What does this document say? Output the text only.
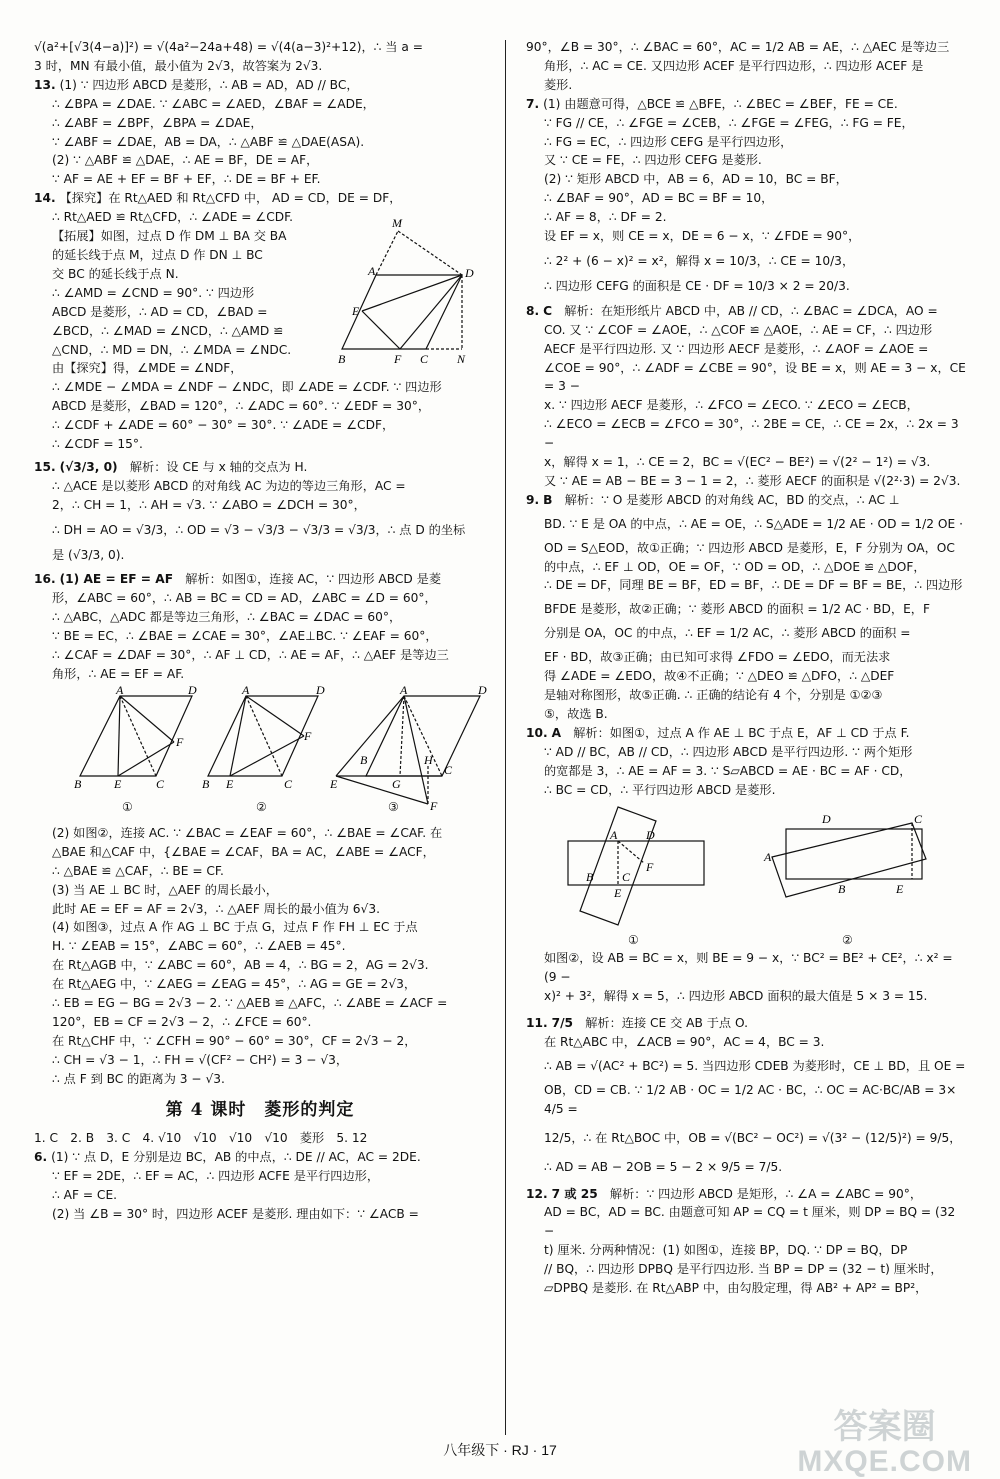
√(a²+[√3(4−a)]²) = √(4a²−24a+48) = √(4(a−3)²+12)，∴ 当 a =

3 时，MN 有最小值，最小值为 2√3，故答案为 2√3.

13. (1) ∵ 四边形 ABCD 是菱形，∴ AB = AD，AD // BC，

∴ ∠BPA = ∠DAE. ∵ ∠ABC = ∠AED，∠BAF = ∠ADE，

∴ ∠ABF = ∠BPF，∠BPA = ∠DAE，

∵ ∠ABF = ∠DAE，AB = DA，∴ △ABF ≌ △DAE(ASA).

(2) ∵ △ABF ≌ △DAE，∴ AE = BF，DE = AF，

∵ AF = AE + EF = BF + EF，∴ DE = BF + EF.

14. 【探究】在 Rt△AED 和 Rt△CFD 中， AD = CD，DE = DF，

∴ Rt△AED ≌ Rt△CFD，∴ ∠ADE = ∠CDF.

【拓展】如图，过点 D 作 DM ⊥ BA 交 BA

的延长线于点 M，过点 D 作 DN ⊥ BC

交 BC 的延长线于点 N.

∴ ∠AMD = ∠CND = 90°. ∵ 四边形

ABCD 是菱形，∴ AD = CD，∠BAD =

∠BCD，∴ ∠MAD = ∠NCD，∴ △AMD ≌

△CND，∴ MD = DN，∴ ∠MDA = ∠NDC.

由【探究】得，∠MDE = ∠NDF，

M
A	D
E
B	F C N

∴ ∠MDE − ∠MDA = ∠NDF − ∠NDC，即 ∠ADE = ∠CDF. ∵ 四边形

ABCD 是菱形，∠BAD = 120°，∴ ∠ADC = 60°. ∵ ∠EDF = 30°，

∴ ∠CDF + ∠ADE = 60° − 30° = 30°. ∵ ∠ADE = ∠CDF，

∴ ∠CDF = 15°.

15. (√3/3, 0)　 解析：设 CE 与 x 轴的交点为 H.

∴ △ACE 是以菱形 ABCD 的对角线 AC 为边的等边三角形，AC =

2，∴ CH = 1，∴ AH = √3. ∵ ∠ABO = ∠DCH = 30°，

∴ DH = AO = √3/3，∴ OD = √3 − √3/3 − √3/3 = √3/3，∴ 点 D 的坐标

是 (√3/3, 0).

16. (1) AE = EF = AF　 解析：如图①，连接 AC，∵ 四边形 ABCD 是菱

形，∠ABC = 60°，∴ AB = BC = CD = AD，∠ABC = ∠D = 60°，

∴ △ABC，△ADC 都是等边三角形，∴ ∠BAC = ∠DAC = 60°，

∵ BE = EC，∴ ∠BAE = ∠CAE = 30°，∠AE⊥BC. ∵ ∠EAF = 60°，

∴ ∠CAF = ∠DAF = 30°，∴ AF ⊥ CD，∴ AE = AF，∴ △AEF 是等边三

角形，∴ AE = EF = AF.

A	D
F
B	E	C
A	D
F
B E	C
A	D
B	H
G
C
E
F
①	②	③

(2) 如图②，连接 AC. ∵ ∠BAC = ∠EAF = 60°，∴ ∠BAE = ∠CAF. 在

△BAE 和△CAF 中，{∠BAE = ∠CAF，BA = AC，∠ABE = ∠ACF，

∴ △BAE ≌ △CAF，∴ BE = CF.

(3) 当 AE ⊥ BC 时，△AEF 的周长最小，

此时 AE = EF = AF = 2√3，∴ △AEF 周长的最小值为 6√3.

(4) 如图③，过点 A 作 AG ⊥ BC 于点 G，过点 F 作 FH ⊥ EC 于点

H. ∵ ∠EAB = 15°，∠ABC = 60°，∴ ∠AEB = 45°.

在 Rt△AGB 中，∵ ∠ABC = 60°，AB = 4，∴ BG = 2，AG = 2√3.

在 Rt△AEG 中，∵ ∠AEG = ∠EAG = 45°，∴ AG = GE = 2√3，

∴ EB = EG − BG = 2√3 − 2. ∵ △AEB ≌ △AFC，∴ ∠ABE = ∠ACF =

120°，EB = CF = 2√3 − 2，∴ ∠FCE = 60°.

在 Rt△CHF 中，∵ ∠CFH = 90° − 60° = 30°，CF = 2√3 − 2，

∴ CH = √3 − 1，∴ FH = √(CF² − CH²) = 3 − √3，

∴ 点 F 到 BC 的距离为 3 − √3.

第 4 课时　菱形的判定

1. C　2. B　3. C　4. √10　√10　√10　√10　菱形　5. 12

6. (1) ∵ 点 D，E 分别是边 BC，AB 的中点，∴ DE // AC，AC = 2DE.

∵ EF = 2DE，∴ EF = AC，∴ 四边形 ACFE 是平行四边形，

∴ AF = CE.

(2) 当 ∠B = 30° 时，四边形 ACEF 是菱形. 理由如下：∵ ∠ACB =

90°，∠B = 30°，∴ ∠BAC = 60°，AC = 1/2 AB = AE，∴ △AEC 是等边三

角形，∴ AC = CE. 又四边形 ACEF 是平行四边形，∴ 四边形 ACEF 是

菱形.

7. (1) 由题意可得，△BCE ≌ △BFE，∴ ∠BEC = ∠BEF，FE = CE.

∵ FG // CE，∴ ∠FGE = ∠CEB，∴ ∠FGE = ∠FEG，∴ FG = FE，

∴ FG = EC，∴ 四边形 CEFG 是平行四边形，

又 ∵ CE = FE，∴ 四边形 CEFG 是菱形.

(2) ∵ 矩形 ABCD 中，AB = 6，AD = 10，BC = BF，

∴ ∠BAF = 90°，AD = BC = BF = 10，

∴ AF = 8，∴ DF = 2.

设 EF = x，则 CE = x，DE = 6 − x，∵ ∠FDE = 90°，

∴ 2² + (6 − x)² = x²，解得 x = 10/3，∴ CE = 10/3，

∴ 四边形 CEFG 的面积是 CE · DF = 10/3 × 2 = 20/3.

8. C　 解析：在矩形纸片 ABCD 中，AB // CD，∴ ∠BAC = ∠DCA，AO =

CO. 又 ∵ ∠COF = ∠AOE，∴ △COF ≌ △AOE，∴ AE = CF，∴ 四边形

AECF 是平行四边形. 又 ∵ 四边形 AECF 是菱形，∴ ∠AOF = ∠AOE =

∠COE = 90°，∴ ∠ADF = ∠CBE = 90°，设 BE = x，则 AE = 3 − x，CE = 3 −

x. ∵ 四边形 AECF 是菱形，∴ ∠FCO = ∠ECO. ∵ ∠ECO = ∠ECB，

∴ ∠ECO = ∠ECB = ∠FCO = 30°，∴ 2BE = CE，∴ CE = 2x，∴ 2x = 3 −

x，解得 x = 1，∴ CE = 2，BC = √(EC² − BE²) = √(2² − 1²) = √3.

又 ∵ AE = AB − BE = 3 − 1 = 2，∴ 菱形 AECF 的面积是 √(2²·3) = 2√3.

9. B　 解析：∵ O 是菱形 ABCD 的对角线 AC，BD 的交点，∴ AC ⊥

BD. ∵ E 是 OA 的中点，∴ AE = OE，∴ S△ADE = 1/2 AE · OD = 1/2 OE ·

OD = S△EOD，故①正确；∵ 四边形 ABCD 是菱形，E，F 分别为 OA，OC

的中点，∴ EF ⊥ OD，OE = OF，∵ OD = OD，∴ △DOE ≌ △DOF，

∴ DE = DF，同理 BE = BF，ED = BF，∴ DE = DF = BF = BE，∴ 四边形

BFDE 是菱形，故②正确；∵ 菱形 ABCD 的面积 = 1/2 AC · BD，E，F

分别是 OA，OC 的中点，∴ EF = 1/2 AC，∴ 菱形 ABCD 的面积 =

EF · BD，故③正确；由已知可求得 ∠FDO = ∠EDO，而无法求

得 ∠ADE = ∠EDO，故④不正确；∵ △DEO ≌ △DFO，∴ △DEF

是轴对称图形，故⑤正确. ∴ 正确的结论有 4 个，分别是 ①②③

⑤，故选 B.

10. A　 解析：如图①，过点 A 作 AE ⊥ BC 于点 E，AF ⊥ CD 于点 F.

∵ AD // BC，AB // CD，∴ 四边形 ABCD 是平行四边形. ∵ 两个矩形

的宽都是 3，∴ AE = AF = 3. ∵ S▱ABCD = AE · BC = AF · CD，

∴ BC = CD，∴ 平行四边形 ABCD 是菱形.

A D
F
B C
E
D	C
A
B	E
①	②

如图②，设 AB = BC = x，则 BE = 9 − x，∵ BC² = BE² + CE²，∴ x² = (9 −

x)² + 3²，解得 x = 5，∴ 四边形 ABCD 面积的最大值是 5 × 3 = 15.

11. 7/5　 解析：连接 CE 交 AB 于点 O.

在 Rt△ABC 中，∠ACB = 90°，AC = 4，BC = 3.

∴ AB = √(AC² + BC²) = 5. 当四边形 CDEB 为菱形时，CE ⊥ BD，且 OE =

OB，CD = CB. ∵ 1/2 AB · OC = 1/2 AC · BC，∴ OC = AC·BC/AB = 3×4/5 =

12/5，∴ 在 Rt△BOC 中，OB = √(BC² − OC²) = √(3² − (12/5)²) = 9/5，

∴ AD = AB − 2OB = 5 − 2 × 9/5 = 7/5.

12. 7 或 25　 解析：∵ 四边形 ABCD 是矩形，∴ ∠A = ∠ABC = 90°，

AD = BC，AD = BC. 由题意可知 AP = CQ = t 厘米，则 DP = BQ = (32 −

t) 厘米. 分两种情况：(1) 如图①，连接 BP，DQ. ∵ DP = BQ，DP

// BQ，∴ 四边形 DPBQ 是平行四边形. 当 BP = DP = (32 − t) 厘米时，

▱DPBQ 是菱形. 在 Rt△ABP 中，由勾股定理，得 AB² + AP² = BP²，

八年级下 · RJ · 17
答案圈
MXQE.COM
